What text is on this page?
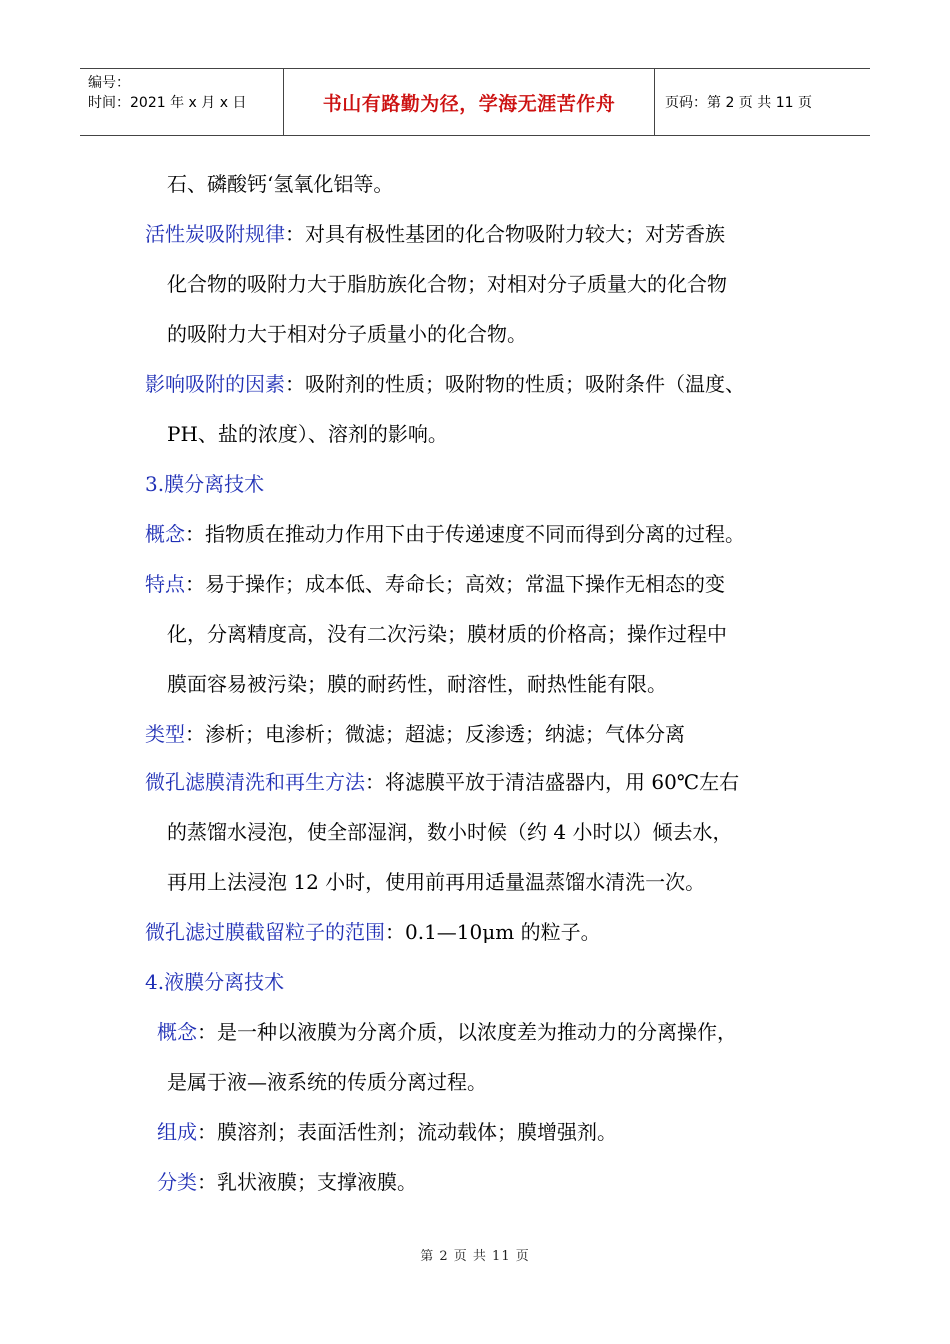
编号：
时间：2021 年 x 月 x 日	书山有路勤为径，学海无涯苦作舟	页码：第 2 页 共 11 页
石、磷酸钙‘氢氧化铝等。
活性炭吸附规律：对具有极性基团的化合物吸附力较大；对芳香族
化合物的吸附力大于脂肪族化合物；对相对分子质量大的化合物
的吸附力大于相对分子质量小的化合物。
影响吸附的因素：吸附剂的性质；吸附物的性质；吸附条件（温度、
PH、盐的浓度）、溶剂的影响。
3.膜分离技术
概念：指物质在推动力作用下由于传递速度不同而得到分离的过程。
特点：易于操作；成本低、寿命长；高效；常温下操作无相态的变
化，分离精度高，没有二次污染；膜材质的价格高；操作过程中
膜面容易被污染；膜的耐药性，耐溶性，耐热性能有限。
类型：渗析；电渗析；微滤；超滤；反渗透；纳滤；气体分离
微孔滤膜清洗和再生方法：将滤膜平放于清洁盛器内，用 60℃左右
的蒸馏水浸泡，使全部湿润，数小时候（约 4 小时以）倾去水，
再用上法浸泡 12 小时，使用前再用适量温蒸馏水清洗一次。
微孔滤过膜截留粒子的范围：0.1—10μm 的粒子。
4.液膜分离技术
概念：是一种以液膜为分离介质，以浓度差为推动力的分离操作，
是属于液—液系统的传质分离过程。
组成：膜溶剂；表面活性剂；流动载体；膜增强剂。
分类：乳状液膜；支撑液膜。
第 2 页 共 11 页
